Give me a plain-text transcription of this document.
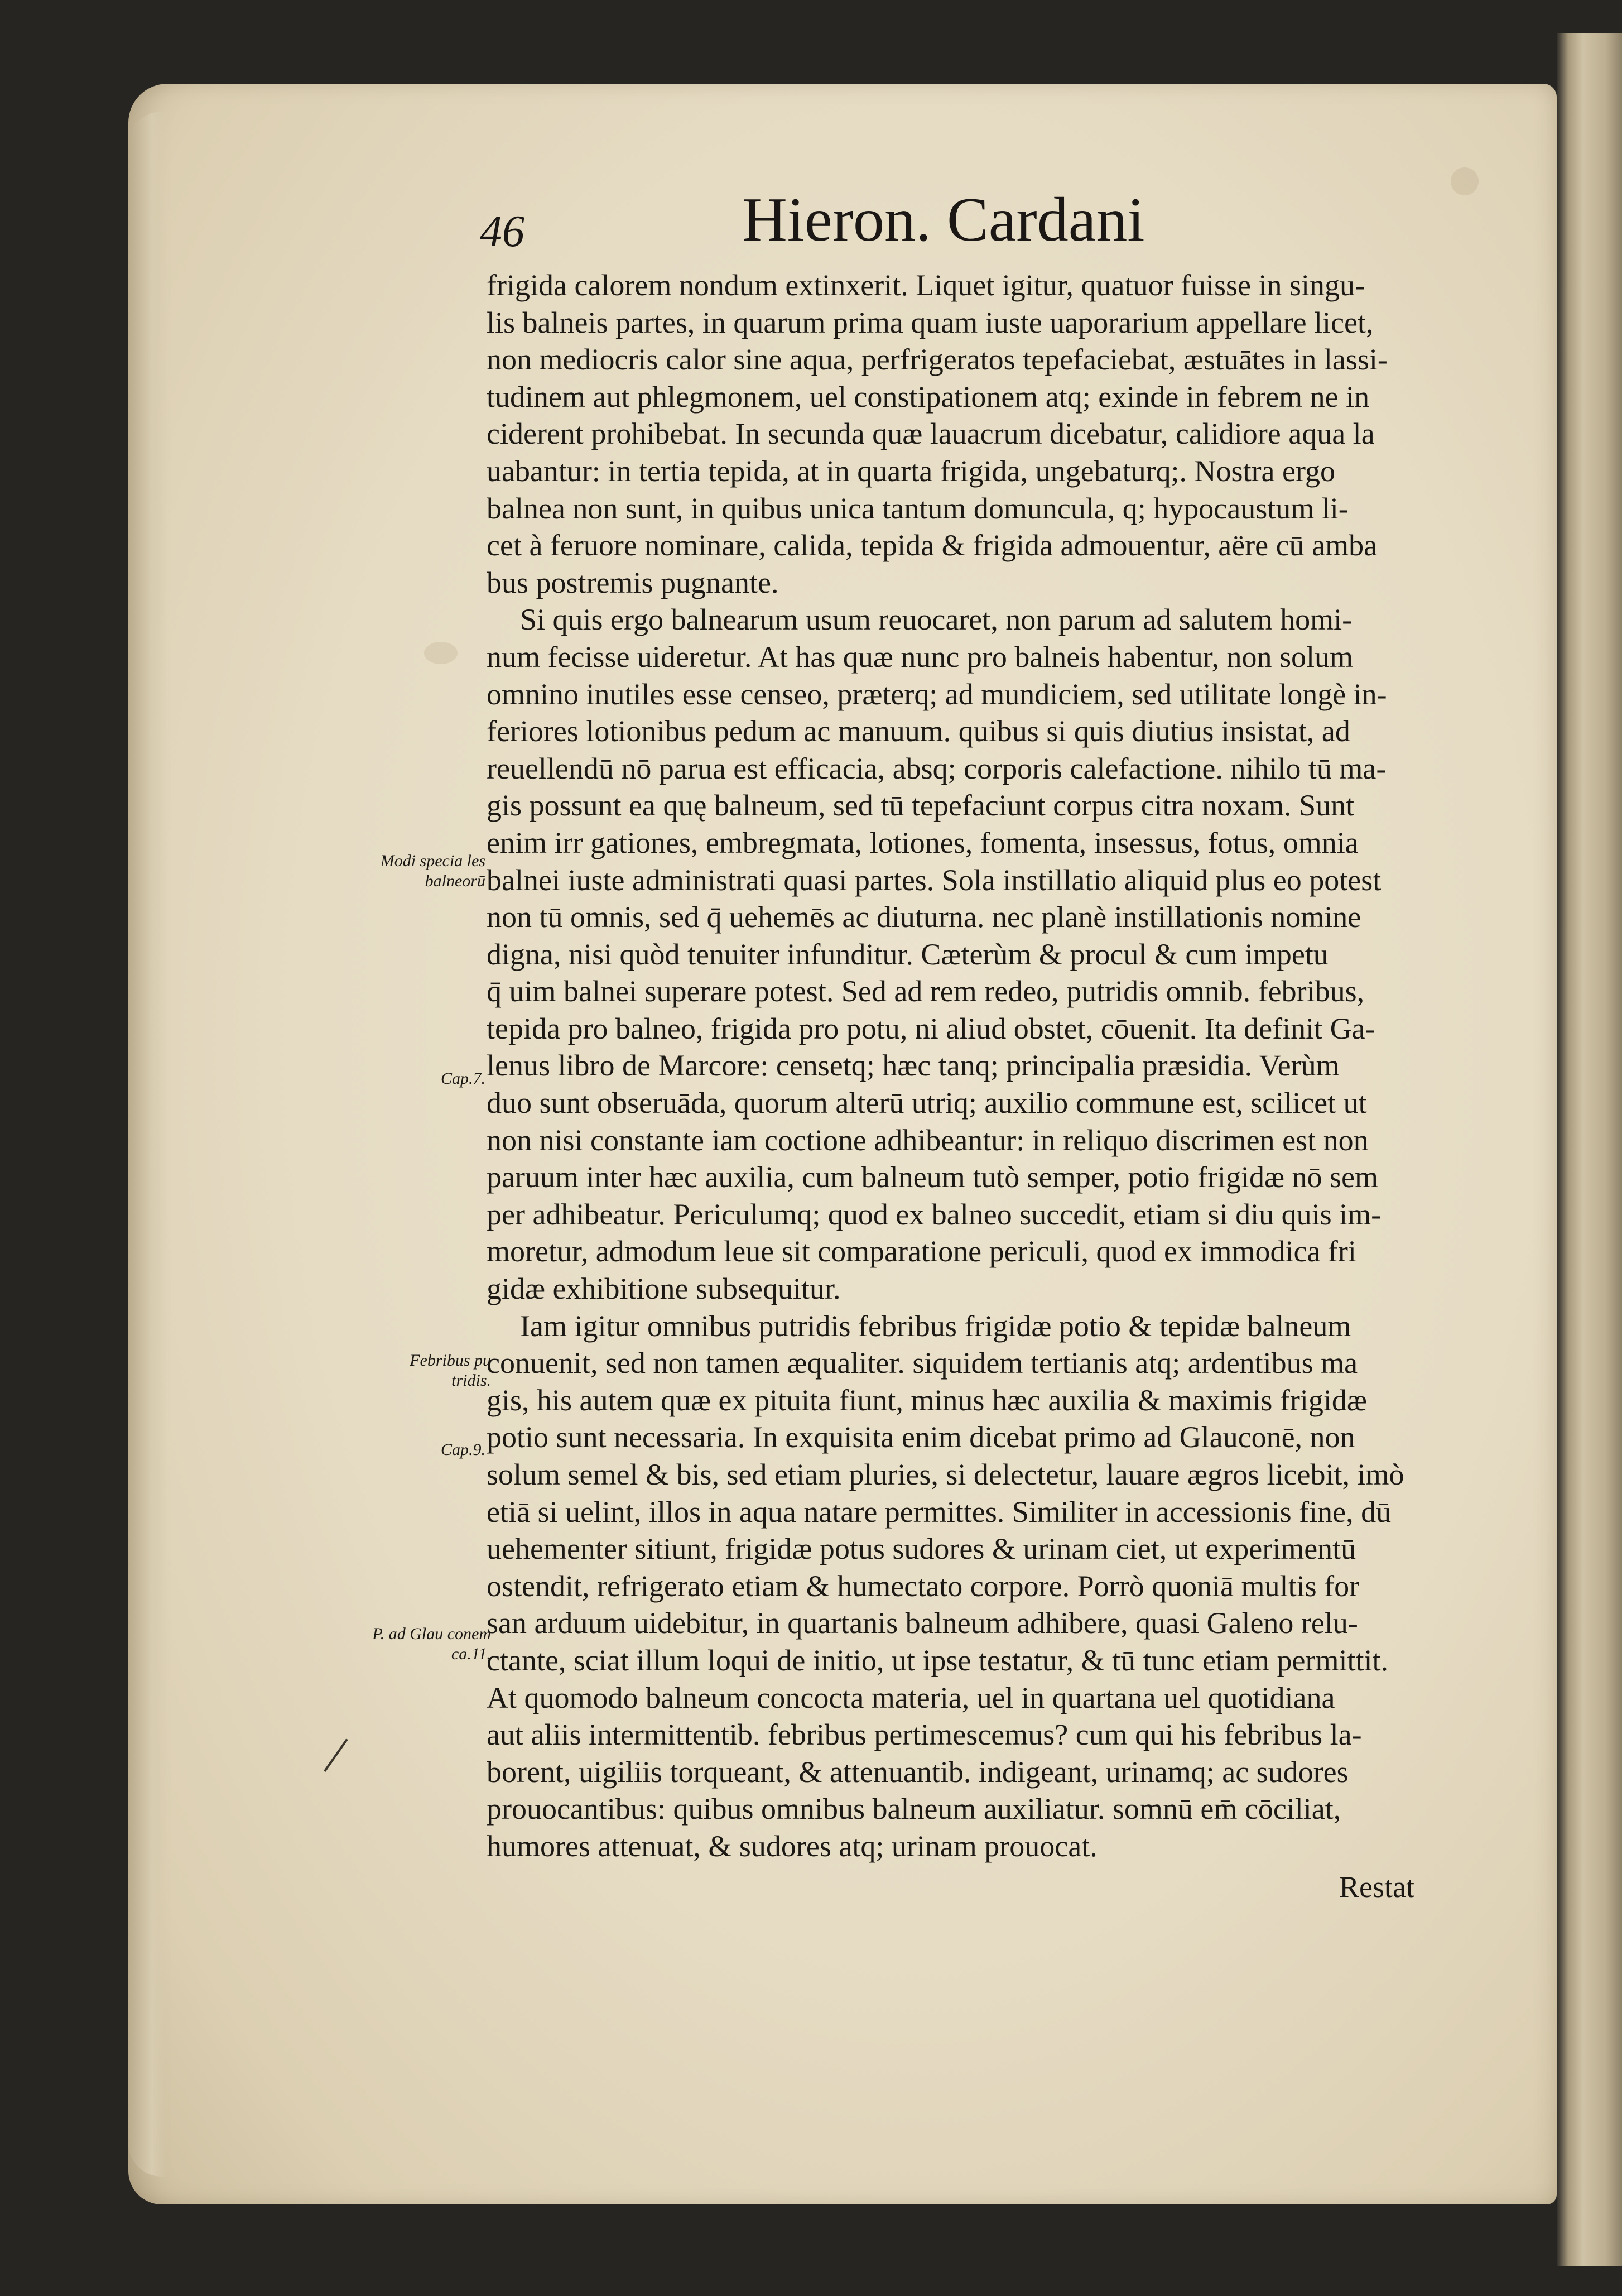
46	Hieron. Cardani
frigida calorem nondum extinxerit. Liquet igitur, quatuor fuisse in singu-
lis balneis partes, in quarum prima quam iuste uaporarium appellare licet,
non mediocris calor sine aqua, perfrigeratos tepefaciebat, æstuātes in lassi-
tudinem aut phlegmonem, uel constipationem atq; exinde in febrem ne in
ciderent prohibebat. In secunda quæ lauacrum dicebatur, calidiore aqua la
uabantur: in tertia tepida, at in quarta frigida, ungebaturq;. Nostra ergo
balnea non sunt, in quibus unica tantum domuncula, q; hypocaustum li-
cet à feruore nominare, calida, tepida & frigida admouentur, aëre cū amba
bus postremis pugnante.
Si quis ergo balnearum usum reuocaret, non parum ad salutem homi-
num fecisse uideretur. At has quæ nunc pro balneis habentur, non solum
omnino inutiles esse censeo, præterq; ad mundiciem, sed utilitate longè in-
feriores lotionibus pedum ac manuum. quibus si quis diutius insistat, ad
reuellendū nō parua est efficacia, absq; corporis calefactione. nihilo tū ma-
gis possunt ea quę balneum, sed tū tepefaciunt corpus citra noxam. Sunt
enim irr gationes, embregmata, lotiones, fomenta, insessus, fotus, omnia
balnei iuste administrati quasi partes. Sola instillatio aliquid plus eo potest
non tū omnis, sed q̄ uehemēs ac diuturna. nec planè instillationis nomine
digna, nisi quòd tenuiter infunditur. Cæterùm & procul & cum impetu
q̄ uim balnei superare potest. Sed ad rem redeo, putridis omnib. febribus,
tepida pro balneo, frigida pro potu, ni aliud obstet, cōuenit. Ita definit Ga-
lenus libro de Marcore: censetq; hæc tanq; principalia præsidia. Verùm
duo sunt obseruāda, quorum alterū utriq; auxilio commune est, scilicet ut
non nisi constante iam coctione adhibeantur: in reliquo discrimen est non
paruum inter hæc auxilia, cum balneum tutò semper, potio frigidæ nō sem
per adhibeatur. Periculumq; quod ex balneo succedit, etiam si diu quis im-
moretur, admodum leue sit comparatione periculi, quod ex immodica fri
gidæ exhibitione subsequitur.
Iam igitur omnibus putridis febribus frigidæ potio & tepidæ balneum
conuenit, sed non tamen æqualiter. siquidem tertianis atq; ardentibus ma
gis, his autem quæ ex pituita fiunt, minus hæc auxilia & maximis frigidæ
potio sunt necessaria. In exquisita enim dicebat primo ad Glauconē, non
solum semel & bis, sed etiam pluries, si delectetur, lauare ægros licebit, imò
etiā si uelint, illos in aqua natare permittes. Similiter in accessionis fine, dū
uehementer sitiunt, frigidæ potus sudores & urinam ciet, ut experimentū
ostendit, refrigerato etiam & humectato corpore. Porrò quoniā multis for
san arduum uidebitur, in quartanis balneum adhibere, quasi Galeno relu-
ctante, sciat illum loqui de initio, ut ipse testatur, & tū tunc etiam permittit.
At quomodo balneum concocta materia, uel in quartana uel quotidiana
aut aliis intermittentib. febribus pertimescemus? cum qui his febribus la-
borent, uigiliis torqueant, & attenuantib. indigeant, urinamq; ac sudores
prouocantibus: quibus omnibus balneum auxiliatur. somnū em̄ cōciliat,
humores attenuat, & sudores atq; urinam prouocat.
Modi specia les balneorū
Cap.7.
Febribus pu tridis.
Cap.9.
P. ad Glau conem ca.11.
Restat
